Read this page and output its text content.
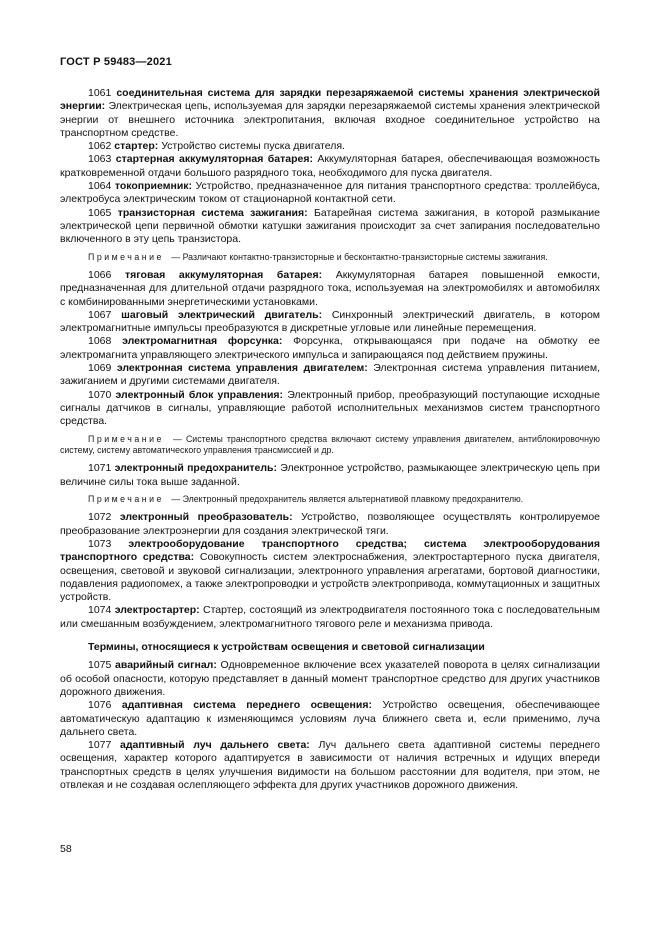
ГОСТ Р 59483—2021

1061 соединительная система для зарядки перезаряжаемой системы хранения электрической энергии: Электрическая цепь, используемая для зарядки перезаряжаемой системы хранения электрической энергии от внешнего источника электропитания, включая входное соединительное устройство на транспортном средстве.

1062 стартер: Устройство системы пуска двигателя.

1063 стартерная аккумуляторная батарея: Аккумуляторная батарея, обеспечивающая возможность кратковременной отдачи большого разрядного тока, необходимого для пуска двигателя.

1064 токоприемник: Устройство, предназначенное для питания транспортного средства: троллейбуса, электробуса электрическим током от стационарной контактной сети.

1065 транзисторная система зажигания: Батарейная система зажигания, в которой размыкание электрической цепи первичной обмотки катушки зажигания происходит за счет запирания последовательно включенного в эту цепь транзистора.

Примечание — Различают контактно-транзисторные и бесконтактно-транзисторные системы зажигания.

1066 тяговая аккумуляторная батарея: Аккумуляторная батарея повышенной емкости, предназначенная для длительной отдачи разрядного тока, используемая на электромобилях и автомобилях с комбинированными энергетическими установками.

1067 шаговый электрический двигатель: Синхронный электрический двигатель, в котором электромагнитные импульсы преобразуются в дискретные угловые или линейные перемещения.

1068 электромагнитная форсунка: Форсунка, открывающаяся при подаче на обмотку ее электромагнита управляющего электрического импульса и запирающаяся под действием пружины.

1069 электронная система управления двигателем: Электронная система управления питанием, зажиганием и другими системами двигателя.

1070 электронный блок управления: Электронный прибор, преобразующий поступающие исходные сигналы датчиков в сигналы, управляющие работой исполнительных механизмов систем транспортного средства.

Примечание — Системы транспортного средства включают систему управления двигателем, антиблокировочную систему, систему автоматического управления трансмиссией и др.

1071 электронный предохранитель: Электронное устройство, размыкающее электрическую цепь при величине силы тока выше заданной.

Примечание — Электронный предохранитель является альтернативой плавкому предохранителю.

1072 электронный преобразователь: Устройство, позволяющее осуществлять контролируемое преобразование электроэнергии для создания электрической тяги.

1073 электрооборудование транспортного средства; система электрооборудования транспортного средства: Совокупность систем электроснабжения, электростартерного пуска двигателя, освещения, световой и звуковой сигнализации, электронного управления агрегатами, бортовой диагностики, подавления радиопомех, а также электропроводки и устройств электропривода, коммутационных и защитных устройств.

1074 электростартер: Стартер, состоящий из электродвигателя постоянного тока с последовательным или смешанным возбуждением, электромагнитного тягового реле и механизма привода.

Термины, относящиеся к устройствам освещения и световой сигнализации

1075 аварийный сигнал: Одновременное включение всех указателей поворота в целях сигнализации об особой опасности, которую представляет в данный момент транспортное средство для других участников дорожного движения.

1076 адаптивная система переднего освещения: Устройство освещения, обеспечивающее автоматическую адаптацию к изменяющимся условиям луча ближнего света и, если применимо, луча дальнего света.

1077 адаптивный луч дальнего света: Луч дальнего света адаптивной системы переднего освещения, характер которого адаптируется в зависимости от наличия встречных и идущих впереди транспортных средств в целях улучшения видимости на большом расстоянии для водителя, при этом, не отвлекая и не создавая ослепляющего эффекта для других участников дорожного движения.

58
